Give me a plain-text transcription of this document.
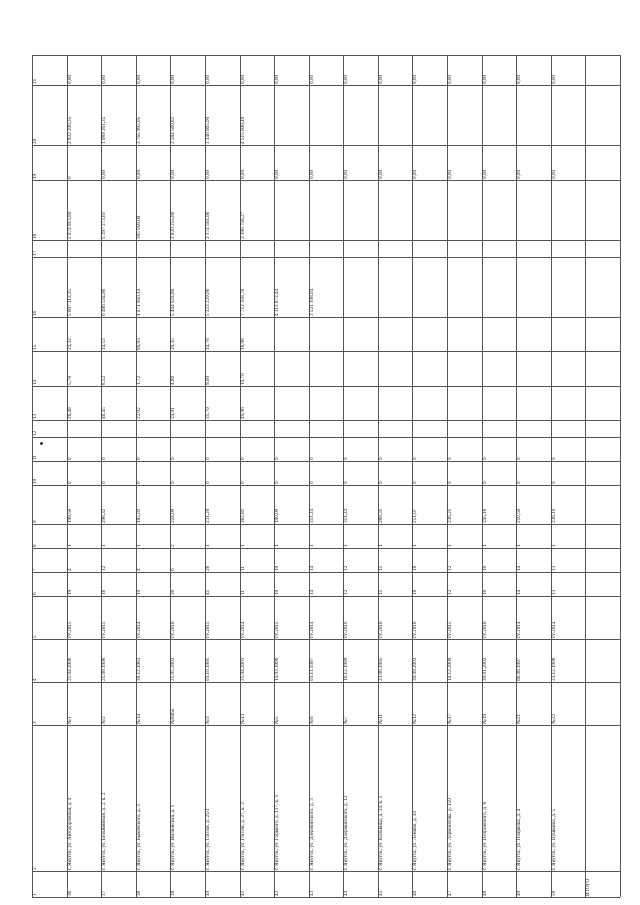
1
2
3
4
5
6
7
8
9
10
11
12
13
14
15
16
17
18
19
20
21
36
г. Якутск, ул. Автодорожная, д. 4
№1
21.04.2006
IV.2015
19
4
1
199,50
0
0
28,48
5,78
24,32
5 007 113,35
2 074 913,00
0
2 932 200,35
0,00
37
г. Якутск, ул. Безымянная, д. 2, к. 2
№2
21.08.1996
IV.2015
18
12
1
298,32
0
0
46,45
8,52
14,53
6 486 534,96
5 397 273,61
0,00
1 089 261,35
0,00
38
г. Якутск, ул. Быковского, д. 3
№14
30.12.1983
IV.2014
10
4
1
185,02
0
0
22,02
1,72
86,93
4 071 950,14
305 958,09
0,00
3 765 992,05
0,00
39
г. Якутск, ул. Вилюйская, д. 1
№846a
21.05.2003
IV.2016
36
6
2
224,00
0
0
24,91
4,86
20,35
5 404 824,88
2 820 255,06
0,00
2 584 569,82
0,00
40
г. Якутск, ул. Гоголя, д. 25/1
№3
03.10.1995
IV.2015
41
28
1
231,20
0
0
31,70
9,00
14,78
5 323 229,06
2 174 564,06
0,00
3 148 665,00
0,00
41
г. Якутск, ул. Гоголя, д. 27, к. 2
№13
21.04.2001
IV.2014
11
11
1
362,81
0
0
40,06
10,70
18,98
7 712 358,76
3 196 758,27
0,00
4 515 600,49
0,00
42
г. Якутск, ул. Горького, д. 117, к. 1
№5
14.03.1996
IV.2015
10
10
1
190,00
0
0
4 113 872,44
0,00
0,00
43
г. Якутск, ул. Дзержинского, д. 3
№6
03.11.1997
IV.2014
14
14
1
311,34
0
0
3 521 108,04
0,00
0,00
44
г. Якутск, ул. Дзержинского, д. 12
№7
16.12.1999
IV.2016
12
12
1
311,24
0
0
0,00
0,00
45
г. Якутск, ул. Кальвица, д. 14, к. 1
№11
23.06.2005
IV.2016
15
15
1
289,31
0
0
0,00
0,00
46
г. Якутск, ул. Ленина, д. 41
№12
30.09.2003
IV.2016
18
18
1
251,07
0
0
0,00
0,00
47
г. Якутск, ул. Лермонтова, д. 150
№17
14.12.2009
IV.2015
12
12
1
236,21
0
0
0,00
0,00
48
г. Якутск, ул. Петровского, д. 8
№19
30.01.2002
IV.2016
16
16
1
245,18
0
0
0,00
0,00
49
г. Якутск, ул. Пояркова, д. 4
№21
06.08.1997
IV.2014
14
14
1
210,50
0
0
0,00
0,00
50
г. Якутск, ул. Пушкина, д. 5
№22
23.12.1998
IV.2014
13
13
1
238,10
0
0
0,00
0,00
ИТОГО
